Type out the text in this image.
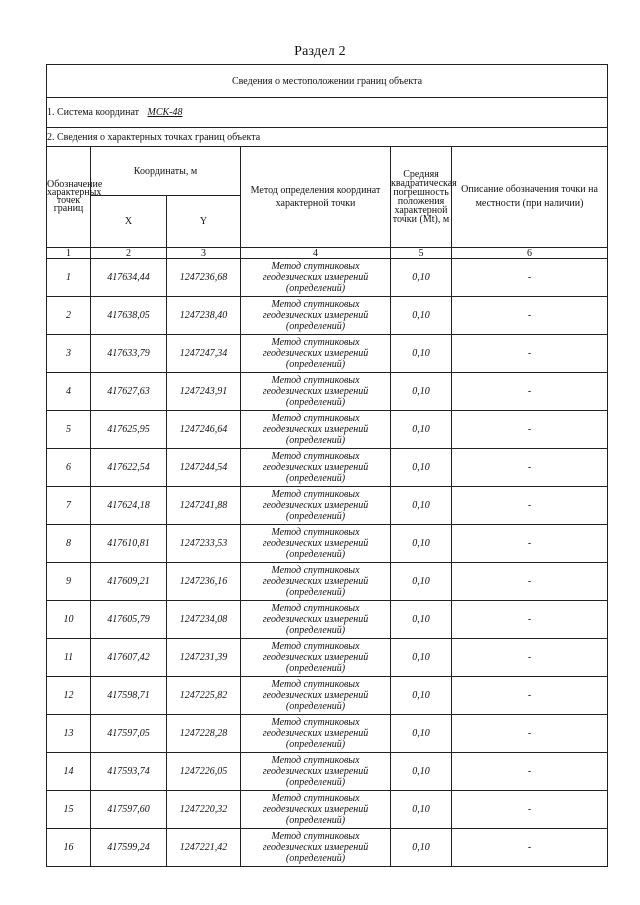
Раздел 2
Сведения о местоположении границ объекта					
1. Система координат МСК-48					
2. Сведения о характерных точках границ объекта					
Обозначение характерных точек границ	Координаты, м		Метод определения координат характерной точки	Средняя квадратическая погрешность положения характерной точки (Mt), м	Описание обозначения точки на местности (при наличии)
	X	Y			
1	2	3	4	5	6
1	417634,44	1247236,68	Метод спутниковых геодезических измерений (определений)	0,10	-
2	417638,05	1247238,40	Метод спутниковых геодезических измерений (определений)	0,10	-
3	417633,79	1247247,34	Метод спутниковых геодезических измерений (определений)	0,10	-
4	417627,63	1247243,91	Метод спутниковых геодезических измерений (определений)	0,10	-
5	417625,95	1247246,64	Метод спутниковых геодезических измерений (определений)	0,10	-
6	417622,54	1247244,54	Метод спутниковых геодезических измерений (определений)	0,10	-
7	417624,18	1247241,88	Метод спутниковых геодезических измерений (определений)	0,10	-
8	417610,81	1247233,53	Метод спутниковых геодезических измерений (определений)	0,10	-
9	417609,21	1247236,16	Метод спутниковых геодезических измерений (определений)	0,10	-
10	417605,79	1247234,08	Метод спутниковых геодезических измерений (определений)	0,10	-
11	417607,42	1247231,39	Метод спутниковых геодезических измерений (определений)	0,10	-
12	417598,71	1247225,82	Метод спутниковых геодезических измерений (определений)	0,10	-
13	417597,05	1247228,28	Метод спутниковых геодезических измерений (определений)	0,10	-
14	417593,74	1247226,05	Метод спутниковых геодезических измерений (определений)	0,10	-
15	417597,60	1247220,32	Метод спутниковых геодезических измерений (определений)	0,10	-
16	417599,24	1247221,42	Метод спутниковых геодезических измерений (определений)	0,10	-
